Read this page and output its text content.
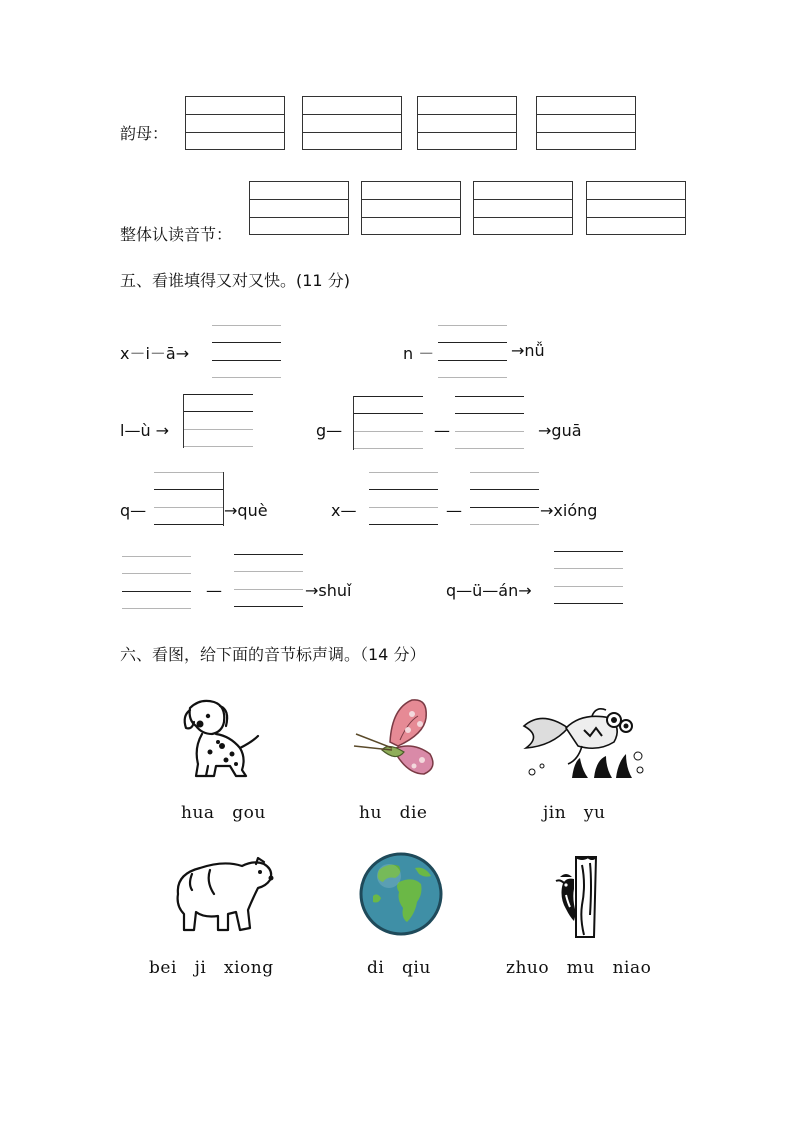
韵母：
整体认读音节：
五、看谁填得又对又快。(11 分)
x－i－ā→	n －	→nǚ
l—ù →	g—	—	→guā
q—	→què	x—	—	→xióng
—	→shuǐ	q—ü—án→
六、看图，给下面的音节标声调。（14 分）
hua   gou	hu   die	jin   yu
bei   ji   xiong	di   qiu	zhuo   mu   niao
